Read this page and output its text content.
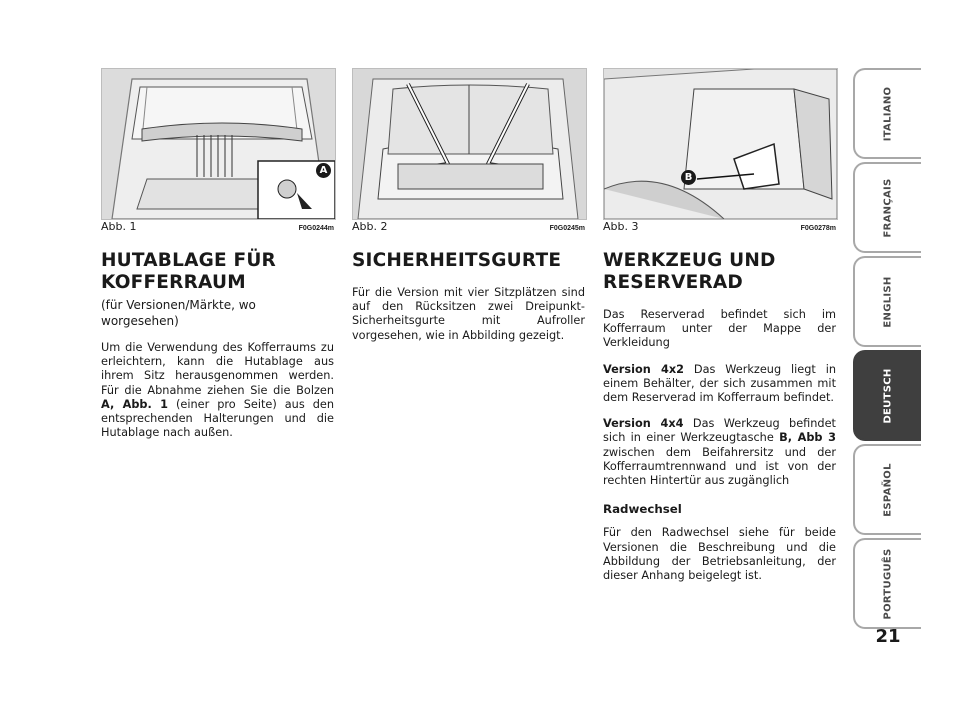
A
Abb. 1	F0G0244m Abb. 2	F0G0245m
B
Abb. 3	F0G0278m
HUTABLAGE FÜR
KOFFERRAUM

(für Versionen/Märkte, wo worgesehen)

Um die Verwendung des Kofferraums zu erleichtern, kann die Hutablage aus ihrem Sitz herausgenommen werden. Für die Abnahme ziehen Sie die Bolzen A, Abb. 1 (einer pro Seite) aus den entsprechenden Halterungen und die Hutablage nach außen.

SICHERHEITSGURTE

Für die Version mit vier Sitzplätzen sind auf den Rücksitzen zwei Dreipunkt-Sicherheitsgurte mit Aufroller vorgesehen, wie in Abbilding gezeigt.

WERKZEUG UND
RESERVERAD

Das Reserverad befindet sich im Kofferraum unter der Mappe der Verkleidung

Version 4x2 Das Werkzeug liegt in einem Behälter, der sich zusammen mit dem Reserverad im Kofferraum befindet.

Version 4x4 Das Werkzeug befindet sich in einer Werkzeugtasche B, Abb 3 zwischen dem Beifahrersitz und der Kofferraumtrennwand und ist von der rechten Hintertür aus zugänglich

Radwechsel

Für den Radwechsel siehe für beide Versionen die Beschreibung und die Abbildung der Betriebsanleitung, der dieser Anhang beigelegt ist.

ITALIANO
FRANÇAIS
ENGLISH
DEUTSCH
ESPAÑOL
PORTUGUÊS
21
